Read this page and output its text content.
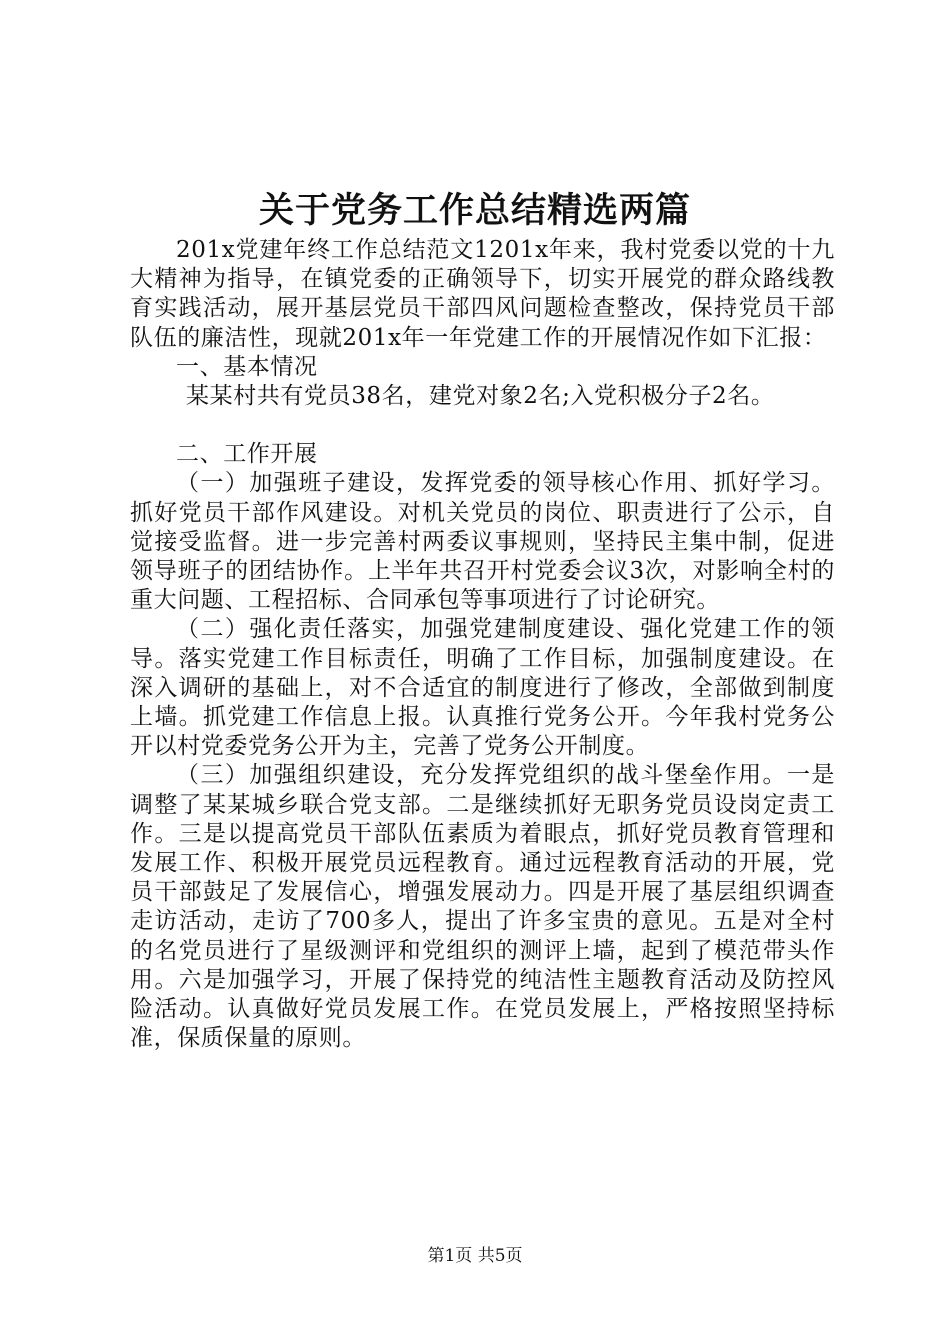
关于党务工作总结精选两篇

201x党建年终工作总结范文1201x年来，我村党委以党的十九大精神为指导，在镇党委的正确领导下，切实开展党的群众路线教育实践活动，展开基层党员干部四风问题检查整改，保持党员干部队伍的廉洁性，现就201x年一年党建工作的开展情况作如下汇报：

一、基本情况

某某村共有党员38名，建党对象2名;入党积极分子2名。

二、工作开展

（一）加强班子建设，发挥党委的领导核心作用、抓好学习。抓好党员干部作风建设。对机关党员的岗位、职责进行了公示，自觉接受监督。进一步完善村两委议事规则，坚持民主集中制，促进领导班子的团结协作。上半年共召开村党委会议3次，对影响全村的重大问题、工程招标、合同承包等事项进行了讨论研究。

（二）强化责任落实，加强党建制度建设、强化党建工作的领导。落实党建工作目标责任，明确了工作目标，加强制度建设。在深入调研的基础上，对不合适宜的制度进行了修改，全部做到制度上墙。抓党建工作信息上报。认真推行党务公开。今年我村党务公开以村党委党务公开为主，完善了党务公开制度。

（三）加强组织建设，充分发挥党组织的战斗堡垒作用。一是调整了某某城乡联合党支部。二是继续抓好无职务党员设岗定责工作。三是以提高党员干部队伍素质为着眼点，抓好党员教育管理和发展工作、积极开展党员远程教育。通过远程教育活动的开展，党员干部鼓足了发展信心，增强发展动力。四是开展了基层组织调查走访活动，走访了700多人，提出了许多宝贵的意见。五是对全村的名党员进行了星级测评和党组织的测评上墙，起到了模范带头作用。六是加强学习，开展了保持党的纯洁性主题教育活动及防控风险活动。认真做好党员发展工作。在党员发展上，严格按照坚持标准，保质保量的原则。

第1页 共5页
